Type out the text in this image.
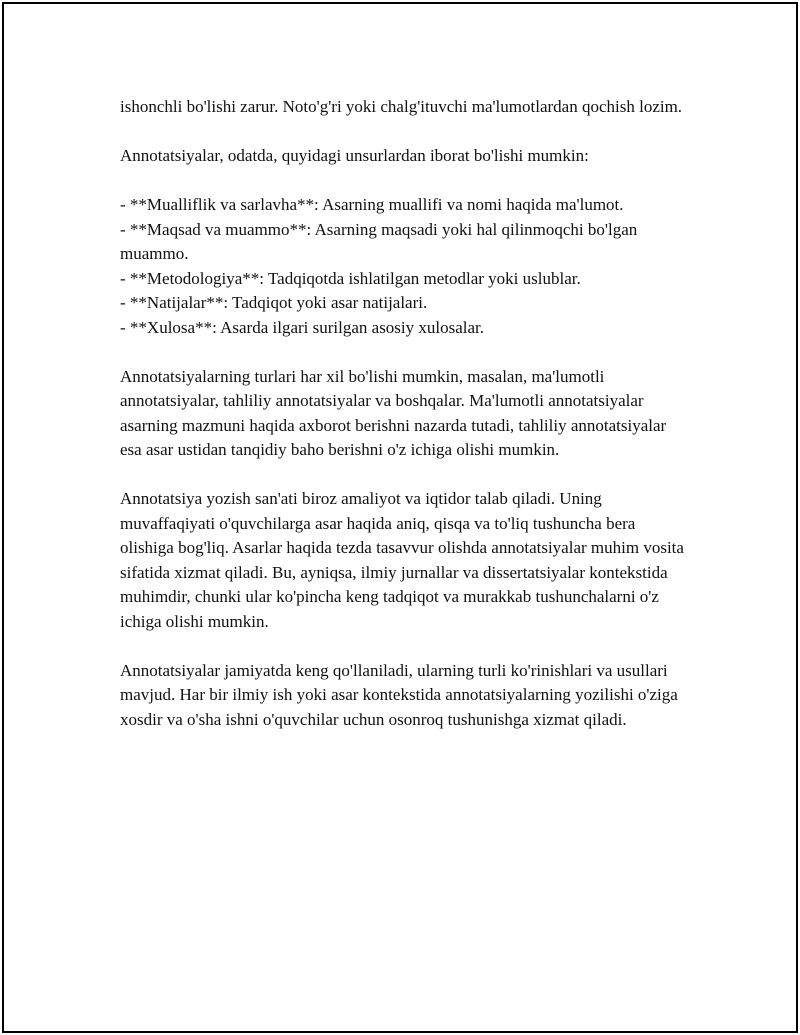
ishonchli bo'lishi zarur. Noto'g'ri yoki chalg'ituvchi ma'lumotlardan qochish lozim.

Annotatsiyalar, odatda, quyidagi unsurlardan iborat bo'lishi mumkin:

- **Mualliflik va sarlavha**: Asarning muallifi va nomi haqida ma'lumot.

- **Maqsad va muammo**: Asarning maqsadi yoki hal qilinmoqchi bo'lgan muammo.

- **Metodologiya**: Tadqiqotda ishlatilgan metodlar yoki uslublar.

- **Natijalar**: Tadqiqot yoki asar natijalari.

- **Xulosa**: Asarda ilgari surilgan asosiy xulosalar.

Annotatsiyalarning turlari har xil bo'lishi mumkin, masalan, ma'lumotli annotatsiyalar, tahliliy annotatsiyalar va boshqalar. Ma'lumotli annotatsiyalar asarning mazmuni haqida axborot berishni nazarda tutadi, tahliliy annotatsiyalar esa asar ustidan tanqidiy baho berishni o'z ichiga olishi mumkin.

Annotatsiya yozish san'ati biroz amaliyot va iqtidor talab qiladi. Uning muvaffaqiyati o'quvchilarga asar haqida aniq, qisqa va to'liq tushuncha bera olishiga bog'liq. Asarlar haqida tezda tasavvur olishda annotatsiyalar muhim vosita sifatida xizmat qiladi. Bu, ayniqsa, ilmiy jurnallar va dissertatsiyalar kontekstida muhimdir, chunki ular ko'pincha keng tadqiqot va murakkab tushunchalarni o'z ichiga olishi mumkin.

Annotatsiyalar jamiyatda keng qo'llaniladi, ularning turli ko'rinishlari va usullari mavjud. Har bir ilmiy ish yoki asar kontekstida annotatsiyalarning yozilishi o'ziga xosdir va o'sha ishni o'quvchilar uchun osonroq tushunishga xizmat qiladi.
